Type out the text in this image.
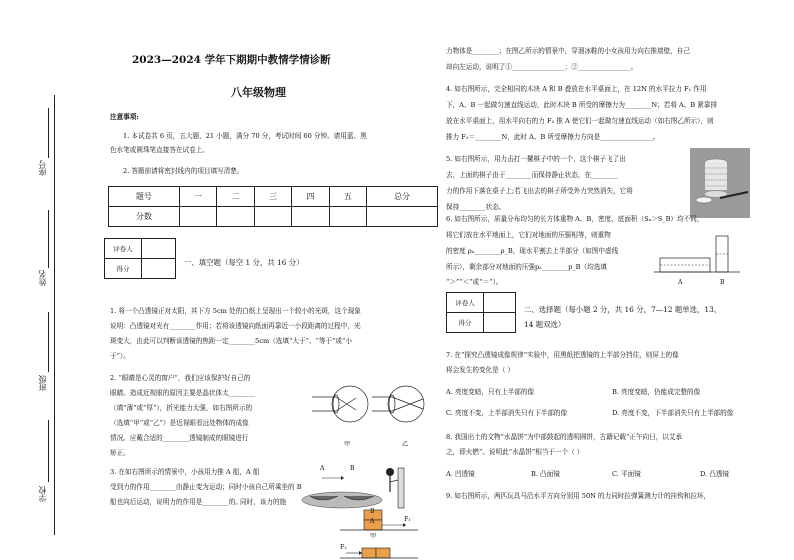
座号
姓名
班级
学校
2023—2024 学年下期期中教情学情诊断
八年级物理
注意事项:
1. 本试卷共 6 页，五大题，21 小题，满分 70 分，考试时间 60 分钟。请用蓝、黑
色水笔或圆珠笔直接答在试卷上。
2. 答题前请将密封线内的项目填写清楚。
题号	一	二	三	四	五	总分
分数						
评卷人	
得分	
一、填空题（每空 1 分，共 16 分）
1. 将一个凸透镜正对太阳，其下方 5cm 处的白纸上呈现出一个较小的光斑，这个现象
说明：凸透镜对光有________作用；若将该透镜向纸面再靠近一小段距离的过程中，光
斑变大，由此可以判断该透镜的焦距一定________5cm（选填“大于”、“等于”或“小
于”）。
2. “眼睛是心灵的窗户”，我们应该保护好自己的
眼睛。造成近视眼的原因主要是晶状体太________
（填“薄”或“厚”），折光能力太强，如右图所示的
（选填“甲”或“乙”）是近视眼看远处物体的成像
情况。应戴合适的________透镜制成的眼镜进行
矫正。
甲	乙
3. 在如右图所示的情景中，小孩用力推 A 船，A 船
受到力的作用________由静止变为运动；同时小孩自己所乘坐的 B
船也向后运动，说明力的作用是________的。
同时，该力的施
A	B
B
A	F₁
甲
F₂
力物体是________；在图乙所示的情景中，穿溜冰鞋的小女孩用力向右推墙壁，自己
却向左运动，说明了①________________；②________________。
4. 如右图所示，完全相同的木块 A 和 B 叠放在水平桌面上，在 12N 的水平拉力 F₁ 作用
下，A、B 一起做匀速直线运动，此时木块 B 所受的摩擦力为________N；若将 A、B 紧靠排
放在水平桌面上，用水平向右的力 F₂ 推 A 使它们一起做匀速直线运动（如右图乙所示），则
推力 F₂＝________N，此时 A、B 所受摩擦力方向是________________。
5. 如右图所示，用力击打一摞棋子中的一个，这个棋子飞了出
去，上面的棋子由于________而保持静止状态，在________
力的作用下落在桌子上;若飞出去的棋子所受外力突然消失，它将
保持________状态。
6. 如右图所示，质量分布均匀的长方体重物 A、B，密度、底面积（Sₐ＞S_B）均不同，
将它们放在水平地面上，它们对地面的压强相等，则重物
的密度 ρₐ________ρ_B，现水平割去上半部分（如图中虚线
所示），剩余部分对地面的压强pₐ________p_B（均选填
“＞”“＜”或“＝”）。	A	B
评卷人	
得分	
二、选择题（每小题 2 分，共 16 分，7—12 题单选，13、
14 题双选）
7. 在“探究凸透镜成像规律”实验中，用黑纸把透镜的上半部分挡住，则屏上的像
将会发生的变化是（ ）
A. 亮度变暗，只有上半部的像	B. 亮度变暗，仍能成完整的像
C. 亮度不变，上半部消失只有下半部的像	D. 亮度不变，下半部消失只有上半部的像
8. 我国出土的文物“水晶饼”为中部鼓起的透明圆饼，古籍记载“正午向日，以艾承
之，即火燃”。说明此“水晶饼”相当于一个（ ）
A. 凹透镜	B. 凸面镜	C. 平面镜	D. 凸透镜
9. 如右图所示，两匹玩具马沿水平方向分别用 50N 的力同时拉弹簧测力计的挂钩和拉环，
